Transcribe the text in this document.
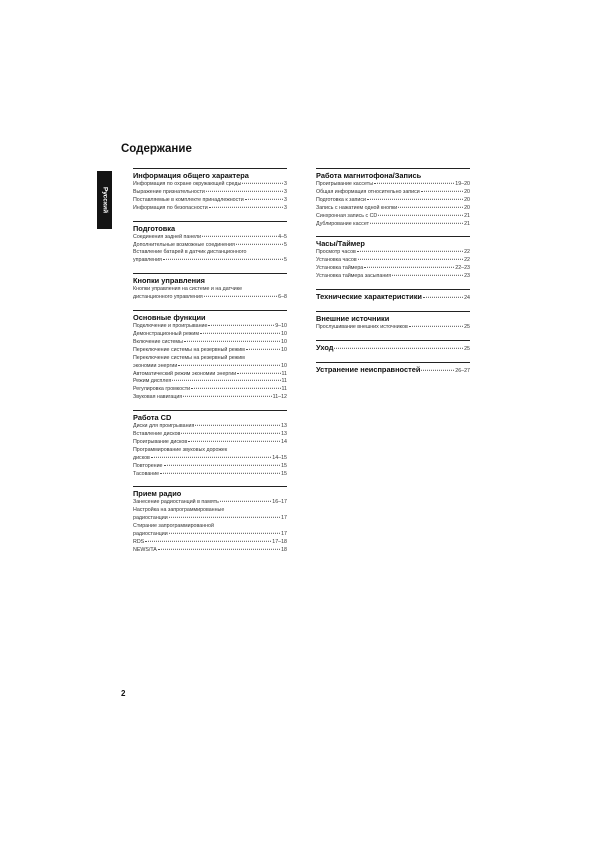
Русский
Содержание
Информация общего характера
Информация по охране окружающей среды	3
Выражение признательности	3
Поставляемые в комплекте принадлежности	3
Информация по безопасности	3
Подготовка
Соединения задней панели	4–5
Дополнительные возможные соединения	5
Вставление батарей в датчик дистанционного
управления	5
Кнопки управления
Кнопки управления на системе и на датчике
дистанционного управления	6–8
Основные функции
Подключение и проигрывание	9–10
Демонстрационный режим	10
Включение системы	10
Переключение системы на резервный режим	10
Переключение системы на резервный режим
экономии энергии	10
Автоматический режим экономии энергии	11
Режим дисплея	11
Регулировка громкости	11
Звуковая навигация	11–12
Работа CD
Диски для проигрывания	13
Вставление дисков	13
Проигрывание дисков	14
Программирование звуковых дорожек
дисков	14–15
Повторение	15
Тасование	15
Прием радио
Занесение радиостанций в память	16–17
Настройка на запрограммированные
радиостанции	17
Стирание запрограммированной
радиостанции	17
RDS	17–18
NEWS/TA	18
Работа магнитофона/Запись
Проигрывание кассеты	19–20
Общая информация относительно записи	20
Подготовка к записи	20
Запись с нажатием одной кнопки	20
Синхронная запись с CD	21
Дублирование кассет	21
Часы/Таймер
Просмотр часов	22
Установка часов	22
Установка таймера	22–23
Установка таймера засыпания	23
Технические характеристики	24
Внешние источники
Прослушивание внешних источников	25
Уход	25
Устранение неисправностей	26–27
2
